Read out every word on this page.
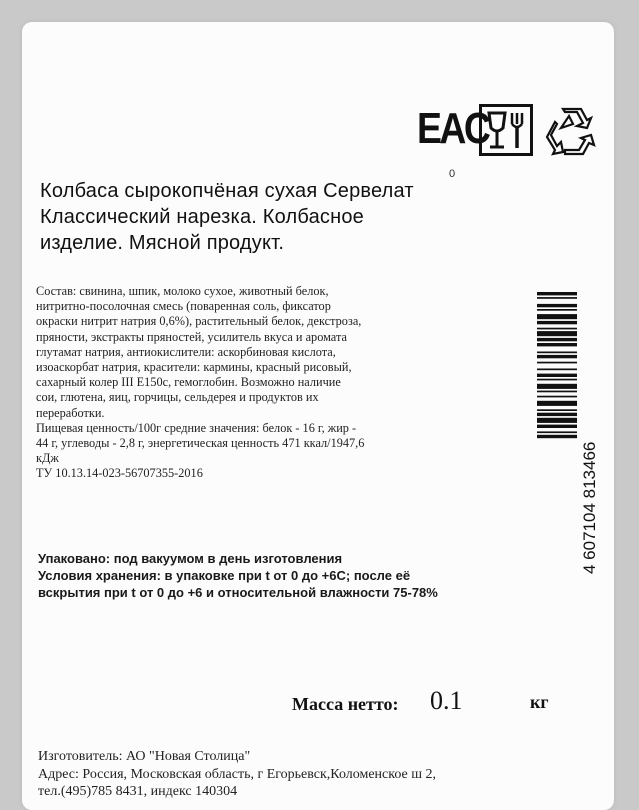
EAC
0
Колбаса сырокопчёная сухая Сервелат
Классический нарезка. Колбасное
изделие. Мясной продукт.
Состав: свинина, шпик, молоко сухое, животный белок,
нитритно-посолочная смесь (поваренная соль, фиксатор
окраски нитрит натрия 0,6%), растительный белок, декстроза,
пряности, экстракты пряностей, усилитель вкуса и аромата
глутамат натрия, антиокислители: аскорбиновая кислота,
изоаскорбат натрия, красители: кармины, красный рисовый,
сахарный колер III Е150с, гемоглобин. Возможно наличие
сои, глютена, яиц, горчицы, сельдерея и продуктов их
переработки.
Пищевая ценность/100г средние значения: белок - 16 г, жир -
44 г, углеводы - 2,8 г, энергетическая ценность 471 ккал/1947,6
кДж
ТУ 10.13.14-023-56707355-2016	4 607104 813466
Упаковано: под вакуумом в день изготовления
Условия хранения: в упаковке при t от 0 до +6С; после её
вскрытия при t от 0 до +6 и относительной влажности 75-78%
Масса нетто: 0.1	кг
Изготовитель: АО "Новая Столица"
Адрес: Россия, Московская область, г Егорьевск,Коломенское ш 2,
тел.(495)785 8431, индекс 140304
